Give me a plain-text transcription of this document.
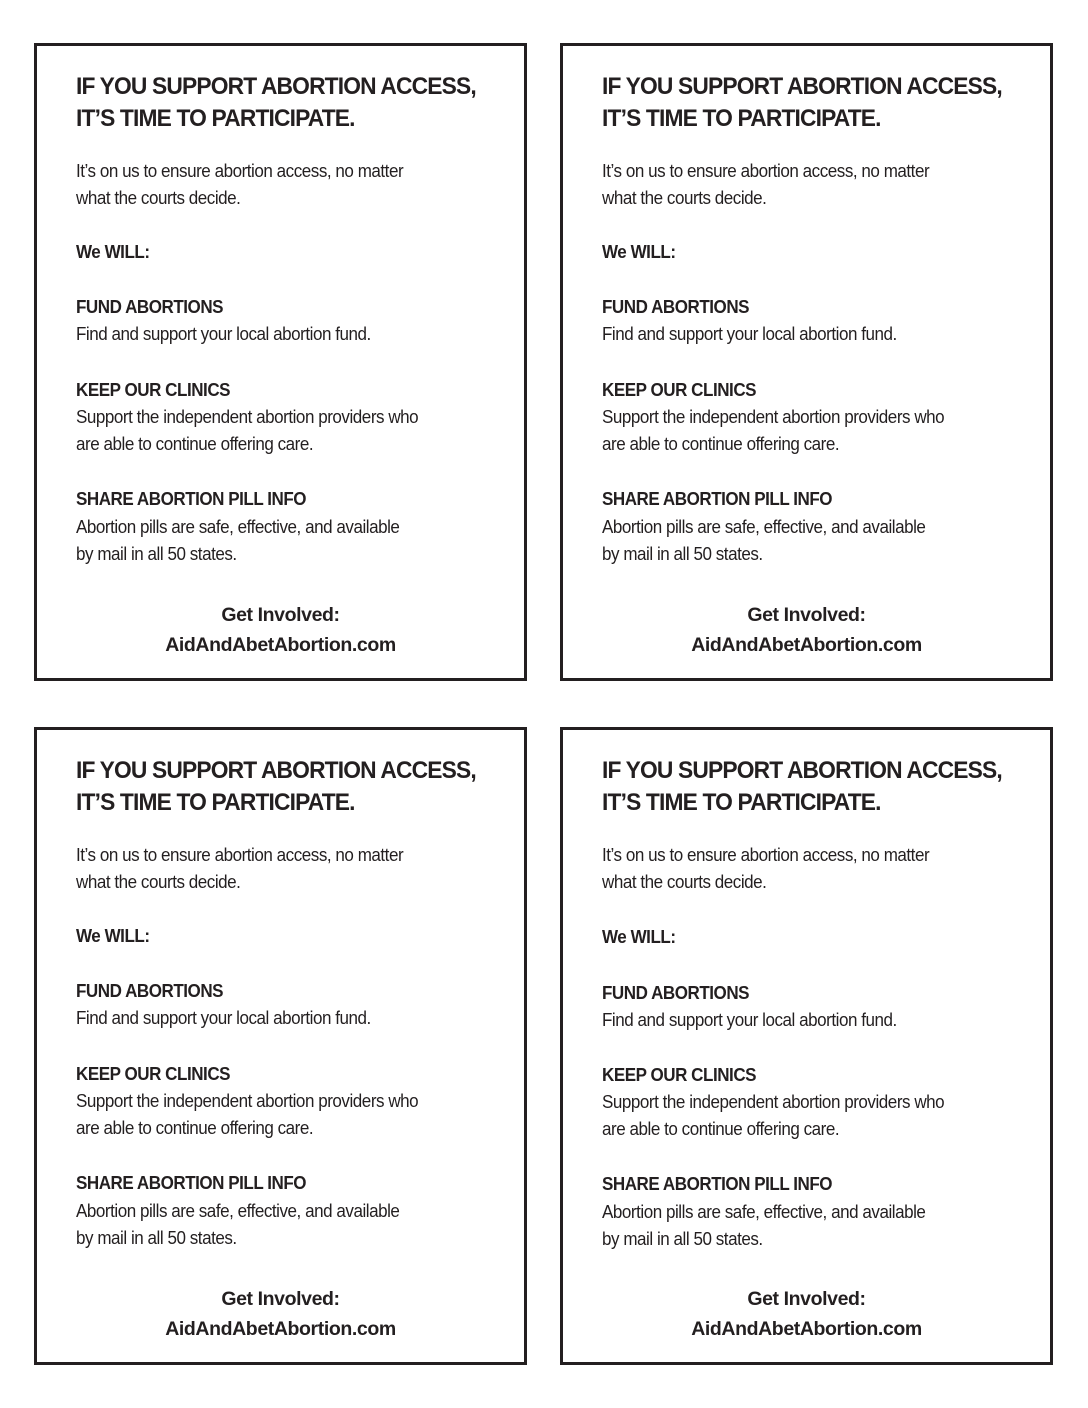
IF YOU SUPPORT ABORTION ACCESS,
IT’S TIME TO PARTICIPATE.
It’s on us to ensure abortion access, no matter
what the courts decide.
We WILL:
FUND ABORTIONS
Find and support your local abortion fund.
KEEP OUR CLINICS
Support the independent abortion providers who
are able to continue offering care.
SHARE ABORTION PILL INFO
Abortion pills are safe, effective, and available
by mail in all 50 states.
Get Involved:
AidAndAbetAbortion.com
IF YOU SUPPORT ABORTION ACCESS,
IT’S TIME TO PARTICIPATE.
It’s on us to ensure abortion access, no matter
what the courts decide.
We WILL:
FUND ABORTIONS
Find and support your local abortion fund.
KEEP OUR CLINICS
Support the independent abortion providers who
are able to continue offering care.
SHARE ABORTION PILL INFO
Abortion pills are safe, effective, and available
by mail in all 50 states.
Get Involved:
AidAndAbetAbortion.com
IF YOU SUPPORT ABORTION ACCESS,
IT’S TIME TO PARTICIPATE.
It’s on us to ensure abortion access, no matter
what the courts decide.
We WILL:
FUND ABORTIONS
Find and support your local abortion fund.
KEEP OUR CLINICS
Support the independent abortion providers who
are able to continue offering care.
SHARE ABORTION PILL INFO
Abortion pills are safe, effective, and available
by mail in all 50 states.
Get Involved:
AidAndAbetAbortion.com
IF YOU SUPPORT ABORTION ACCESS,
IT’S TIME TO PARTICIPATE.
It’s on us to ensure abortion access, no matter
what the courts decide.
We WILL:
FUND ABORTIONS
Find and support your local abortion fund.
KEEP OUR CLINICS
Support the independent abortion providers who
are able to continue offering care.
SHARE ABORTION PILL INFO
Abortion pills are safe, effective, and available
by mail in all 50 states.
Get Involved:
AidAndAbetAbortion.com
